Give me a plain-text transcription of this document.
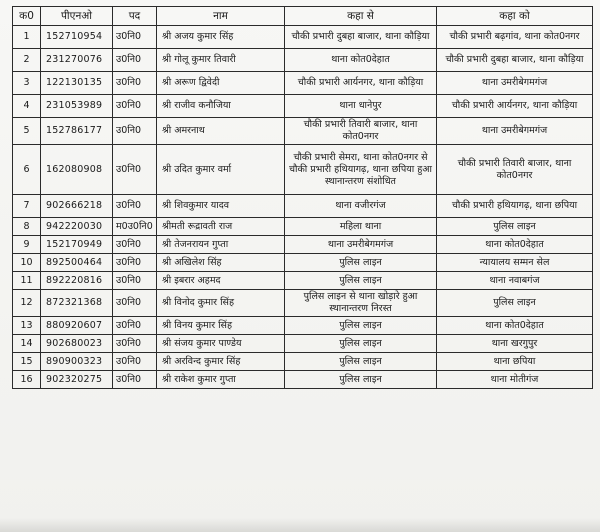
क0	पीएनओ	पद	नाम	कहा से	कहा को
1	152710954	उ0नि0	श्री अजय कुमार सिंह	चौकी प्रभारी दुबहा बाजार, थाना कौड़िया	चौकी प्रभारी बढ़गांव, थाना कोत0नगर
2	231270076	उ0नि0	श्री गोलू कुमार तिवारी	थाना कोत0देहात	चौकी प्रभारी दुबहा बाजार, थाना कौड़िया
3	122130135	उ0नि0	श्री अरूण द्विवेदी	चौकी प्रभारी आर्यनगर, थाना कौड़िया	थाना उमरीबेगमगंज
4	231053989	उ0नि0	श्री राजीव कनौजिया	थाना धानेपुर	चौकी प्रभारी आर्यनगर, थाना कौड़िया
5	152786177	उ0नि0	श्री अमरनाथ	चौकी प्रभारी तिवारी बाजार, थाना कोत0नगर	थाना उमरीबेगमगंज
6	162080908	उ0नि0	श्री उदित कुमार वर्मा	चौकी प्रभारी सेमरा, थाना कोत0नगर से चौकी प्रभारी हथियागढ़, थाना छपिया हुआ स्थानान्तरण संशोधित	चौकी प्रभारी तिवारी बाजार, थाना कोत0नगर
7	902666218	उ0नि0	श्री शिवकुमार यादव	थाना वजीरगंज	चौकी प्रभारी हथियागढ़, थाना छपिया
8	942220030	म0उ0नि0	श्रीमती रूद्रावती राज	महिला थाना	पुलिस लाइन
9	152170949	उ0नि0	श्री तेजनरायन गुप्ता	थाना उमरीबेगमगंज	थाना कोत0देहात
10	892500464	उ0नि0	श्री अखिलेश सिंह	पुलिस लाइन	न्यायालय सम्मन सेल
11	892220816	उ0नि0	श्री इबरार अहमद	पुलिस लाइन	थाना नवाबगंज
12	872321368	उ0नि0	श्री विनोद कुमार सिंह	पुलिस लाइन से थाना खोड़ारे हुआ स्थानान्तरण निरस्त	पुलिस लाइन
13	880920607	उ0नि0	श्री विनय कुमार सिंह	पुलिस लाइन	थाना कोत0देहात
14	902680023	उ0नि0	श्री संजय कुमार पाण्डेय	पुलिस लाइन	थाना खरगुपुर
15	890900323	उ0नि0	श्री अरविन्द कुमार सिंह	पुलिस लाइन	थाना छपिया
16	902320275	उ0नि0	श्री राकेश कुमार गुप्ता	पुलिस लाइन	थाना मोतीगंज
